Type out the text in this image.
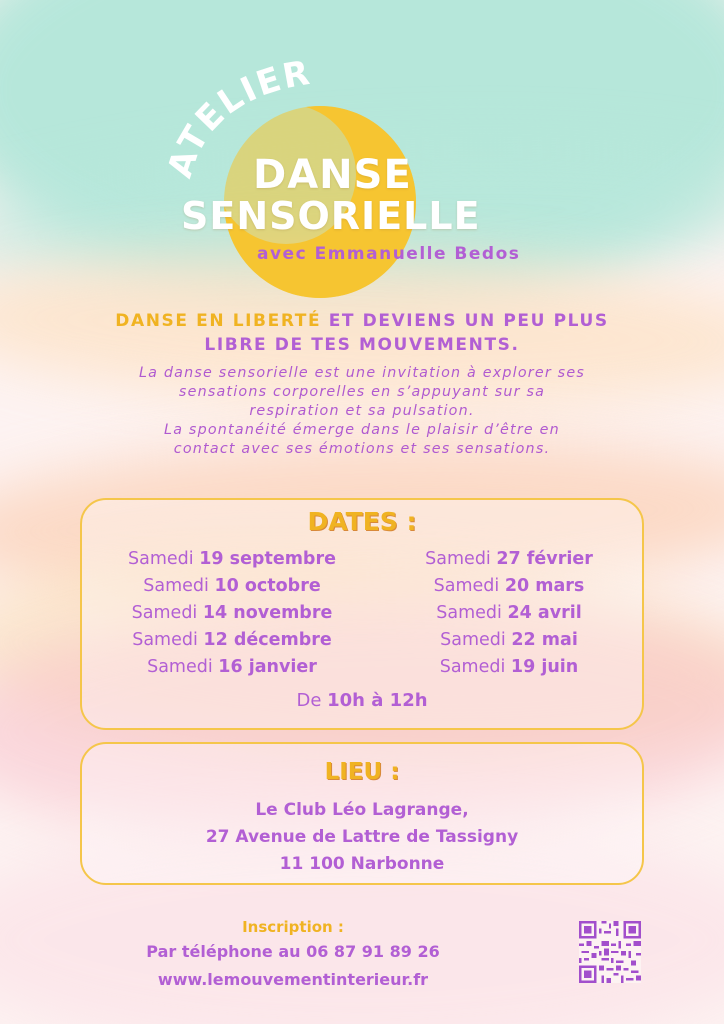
ATELIER
DANSE
SENSORIELLE
avec Emmanuelle Bedos
DANSE EN LIBERTÉ ET DEVIENS UN PEU PLUS
LIBRE DE TES MOUVEMENTS.

La danse sensorielle est une invitation à explorer ses

sensations corporelles en s’appuyant sur sa

respiration et sa pulsation.

La spontanéité émerge dans le plaisir d’être en

contact avec ses émotions et ses sensations.

DATES :
Samedi 19 septembre
Samedi 10 octobre
Samedi 14 novembre
Samedi 12 décembre
Samedi 16 janvier
Samedi 27 février
Samedi 20 mars
Samedi 24 avril
Samedi 22 mai
Samedi 19 juin
De 10h à 12h
LIEU :
Le Club Léo Lagrange,
27 Avenue de Lattre de Tassigny
11 100 Narbonne
Inscription :
Par téléphone au 06 87 91 89 26
www.lemouvementinterieur.fr
